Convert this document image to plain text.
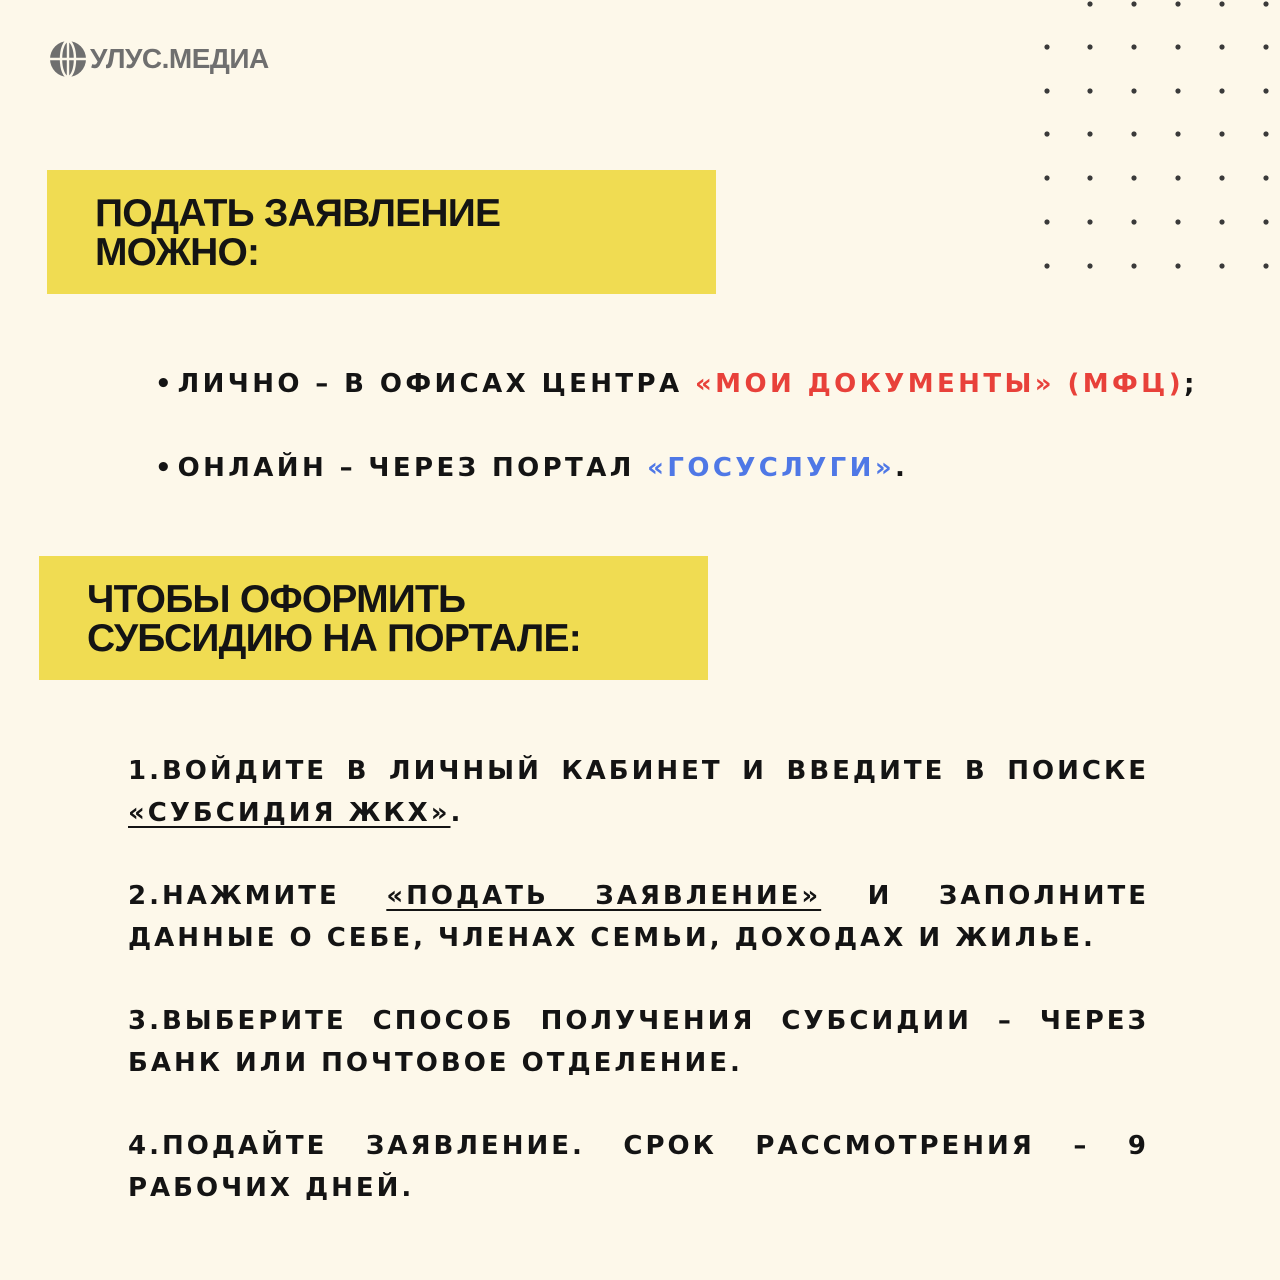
УЛУС.МЕДИА
ПОДАТЬ ЗАЯВЛЕНИЕ
МОЖНО:
• ЛИЧНО – В ОФИСАХ ЦЕНТРА «МОИ ДОКУМЕНТЫ» (МФЦ);
• ОНЛАЙН – ЧЕРЕЗ ПОРТАЛ «ГОСУСЛУГИ».
ЧТОБЫ ОФОРМИТЬ
СУБСИДИЮ НА ПОРТАЛЕ:
1.ВОЙДИТЕ В ЛИЧНЫЙ КАБИНЕТ И ВВЕДИТЕ В ПОИСКЕ «СУБСИДИЯ ЖКХ».
2.НАЖМИТЕ «ПОДАТЬ ЗАЯВЛЕНИЕ» И ЗАПОЛНИТЕ ДАННЫЕ О СЕБЕ, ЧЛЕНАХ СЕМЬИ, ДОХОДАХ И ЖИЛЬЕ.
3.ВЫБЕРИТЕ СПОСОБ ПОЛУЧЕНИЯ СУБСИДИИ – ЧЕРЕЗ БАНК ИЛИ ПОЧТОВОЕ ОТДЕЛЕНИЕ.
4.ПОДАЙТЕ ЗАЯВЛЕНИЕ. СРОК РАССМОТРЕНИЯ – 9 РАБОЧИХ ДНЕЙ.
